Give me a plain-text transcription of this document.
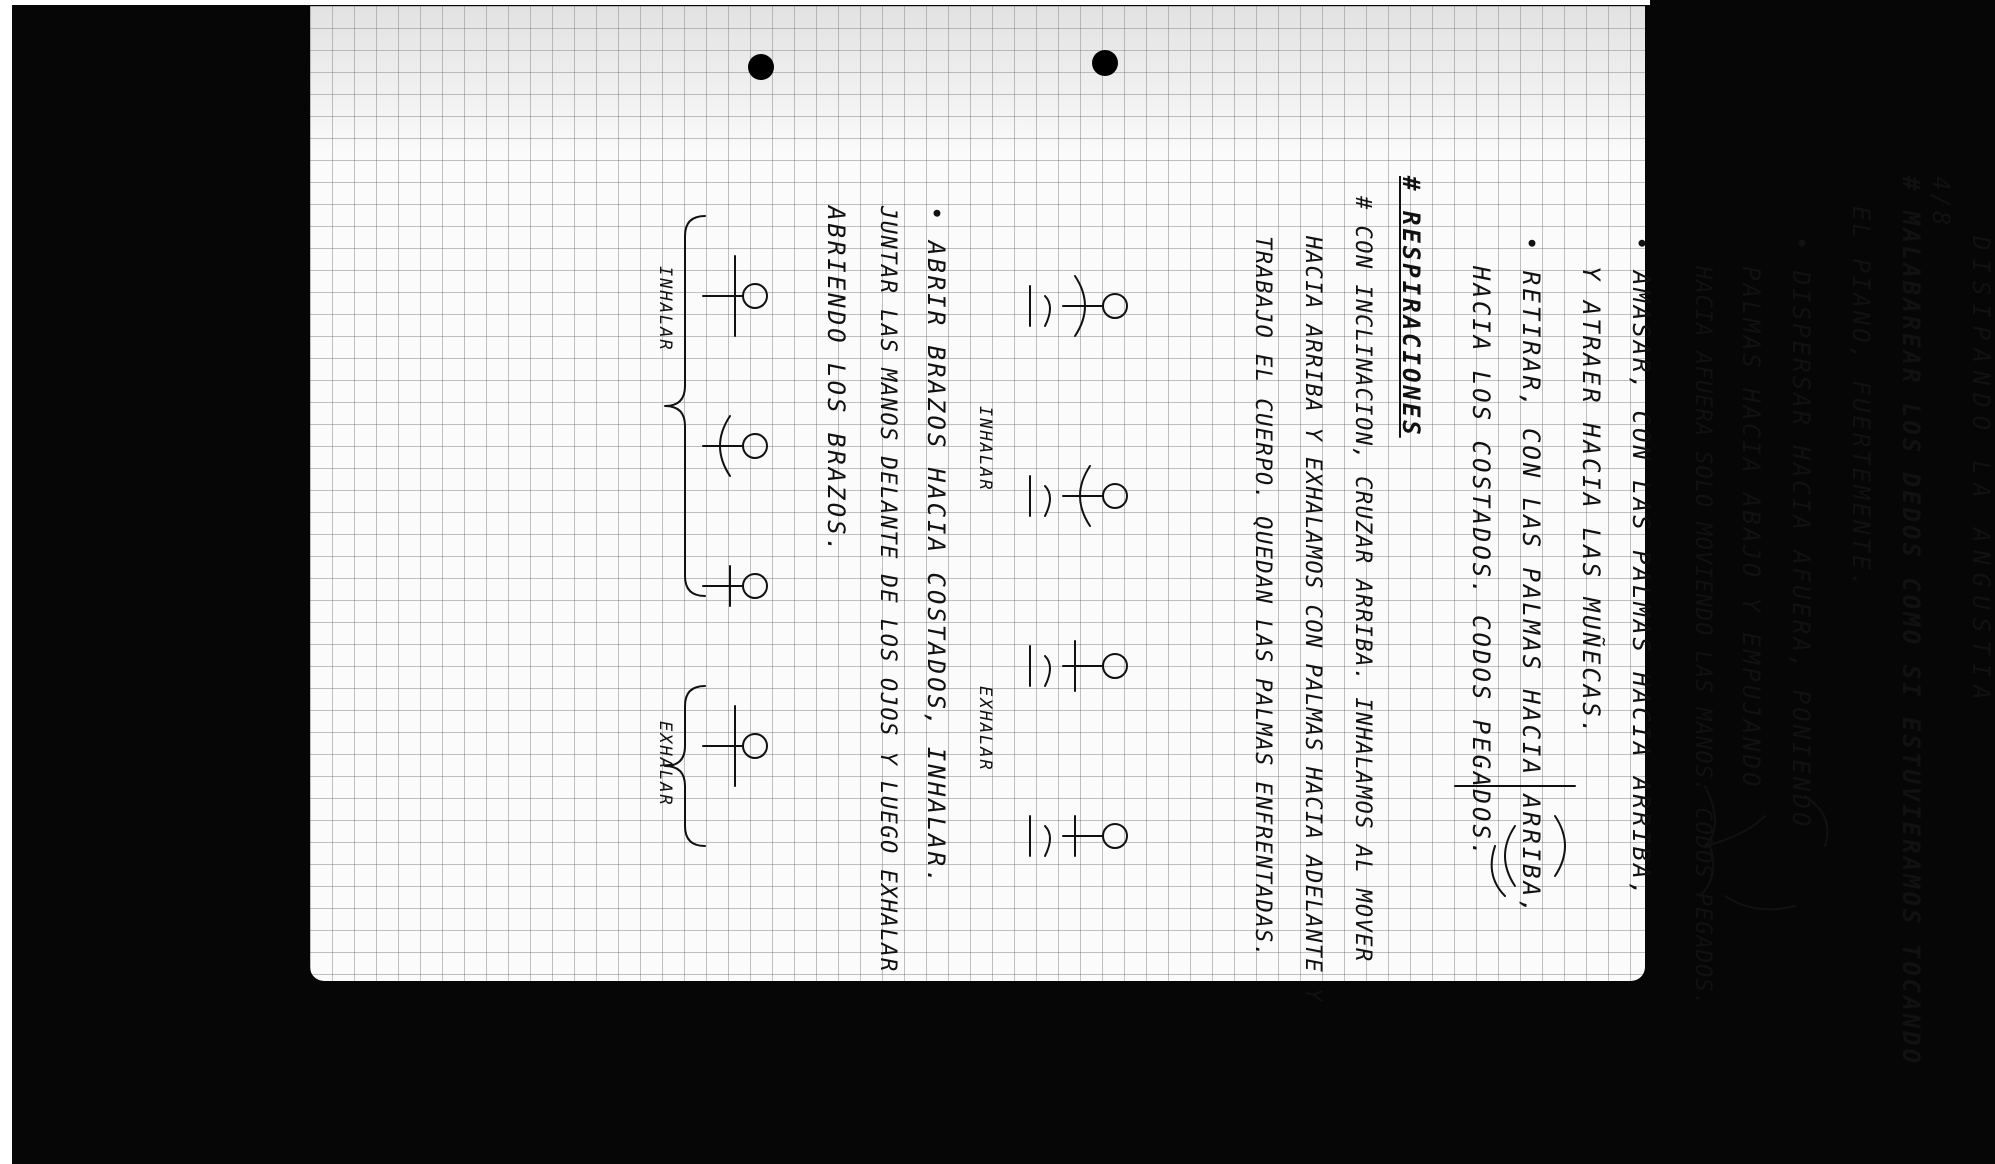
4/8
DISIPANDO LA ANGUSTIA
# MALABAREAR LOS DEDOS COMO SI ESTUVIERAMOS TOCANDO
EL PIANO, FUERTEMENTE.
• DISPERSAR HACIA AFUERA, PONIENDO
PALMAS HACIA ABAJO Y EMPUJANDO
HACIA AFUERA SOLO MOVIENDO LAS MANOS. CODOS PEGADOS.
• AMASAR, CON LAS PALMAS HACIA ARRIBA,
Y ATRAER HACIA LAS MUÑECAS.
• RETIRAR, CON LAS PALMAS HACIA ARRIBA,
HACIA LOS COSTADOS. CODOS PEGADOS.
# RESPIRACIONES
# CON INCLINACION, CRUZAR ARRIBA. INHALAMOS AL MOVER
HACIA ARRIBA Y EXHALAMOS CON PALMAS HACIA ADELANTE Y
TRABAJO EL CUERPO. QUEDAN LAS PALMAS ENFRENTADAS.
• ABRIR BRAZOS HACIA COSTADOS, INHALAR.
JUNTAR LAS MANOS DELANTE DE LOS OJOS Y LUEGO EXHALAR
ABRIENDO LOS BRAZOS.	INHALAR
EXHALAR
INHALAR
EXHALAR
